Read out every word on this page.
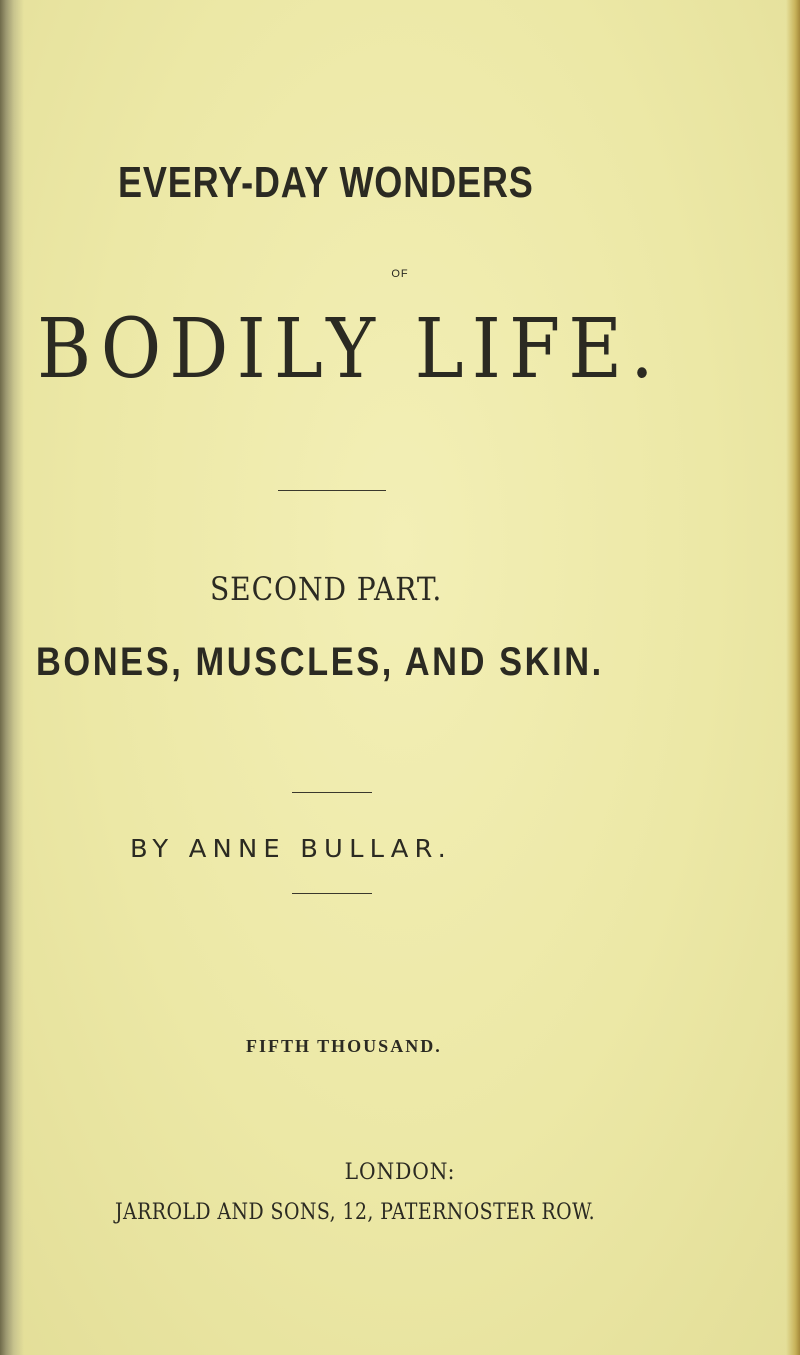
EVERY-DAY WONDERS
OF
BODILY LIFE.
SECOND PART.
BONES, MUSCLES, AND SKIN.
BY ANNE BULLAR.
FIFTH THOUSAND.
LONDON:
JARROLD AND SONS, 12, PATERNOSTER ROW.
